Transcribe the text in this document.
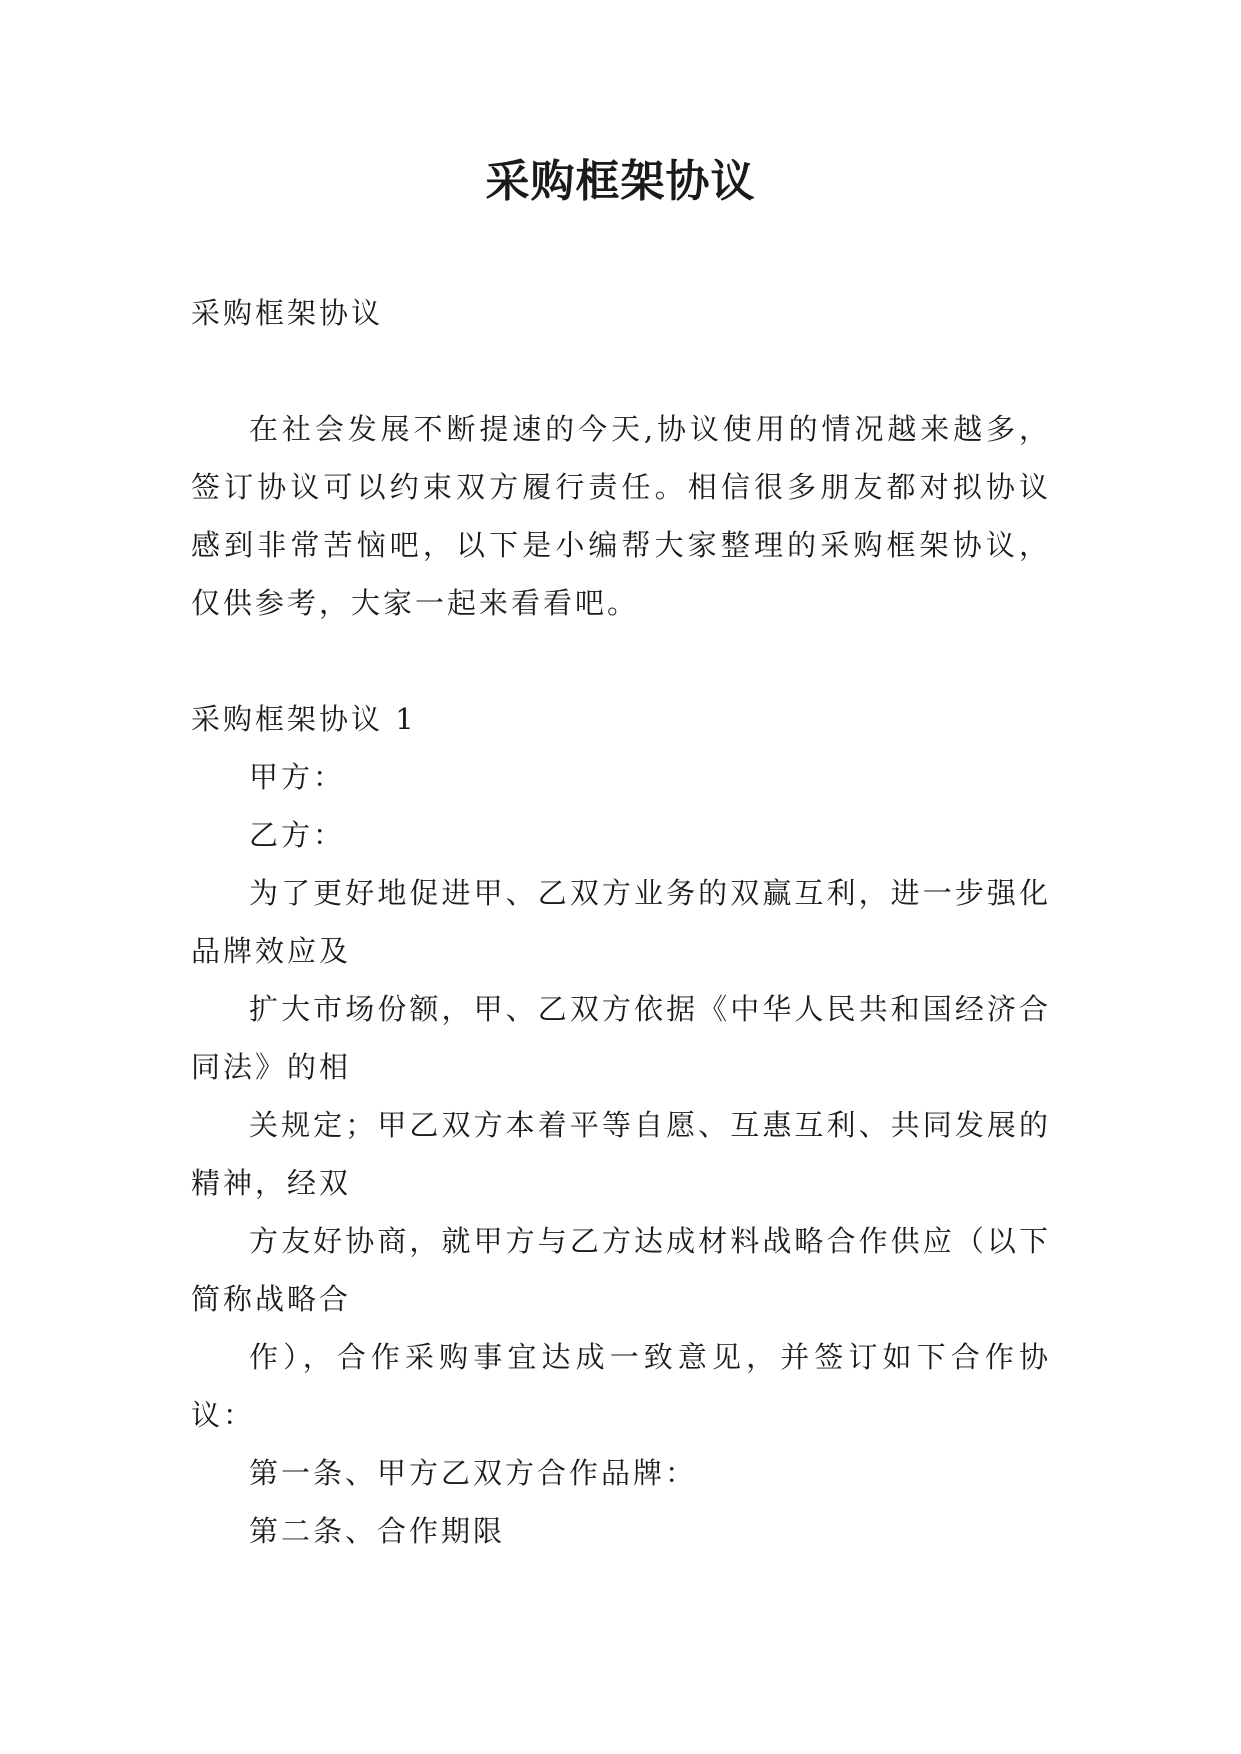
采购框架协议

采购框架协议

在社会发展不断提速的今天,协议使用的情况越来越多，签订协议可以约束双方履行责任。相信很多朋友都对拟协议感到非常苦恼吧，以下是小编帮大家整理的采购框架协议，仅供参考，大家一起来看看吧。

采购框架协议 1

甲方：

乙方：

为了更好地促进甲、乙双方业务的双赢互利，进一步强化品牌效应及

扩大市场份额，甲、乙双方依据《中华人民共和国经济合同法》的相

关规定；甲乙双方本着平等自愿、互惠互利、共同发展的精神，经双

方友好协商，就甲方与乙方达成材料战略合作供应（以下简称战略合

作），合作采购事宜达成一致意见，并签订如下合作协议：

第一条、甲方乙双方合作品牌：

第二条、合作期限
